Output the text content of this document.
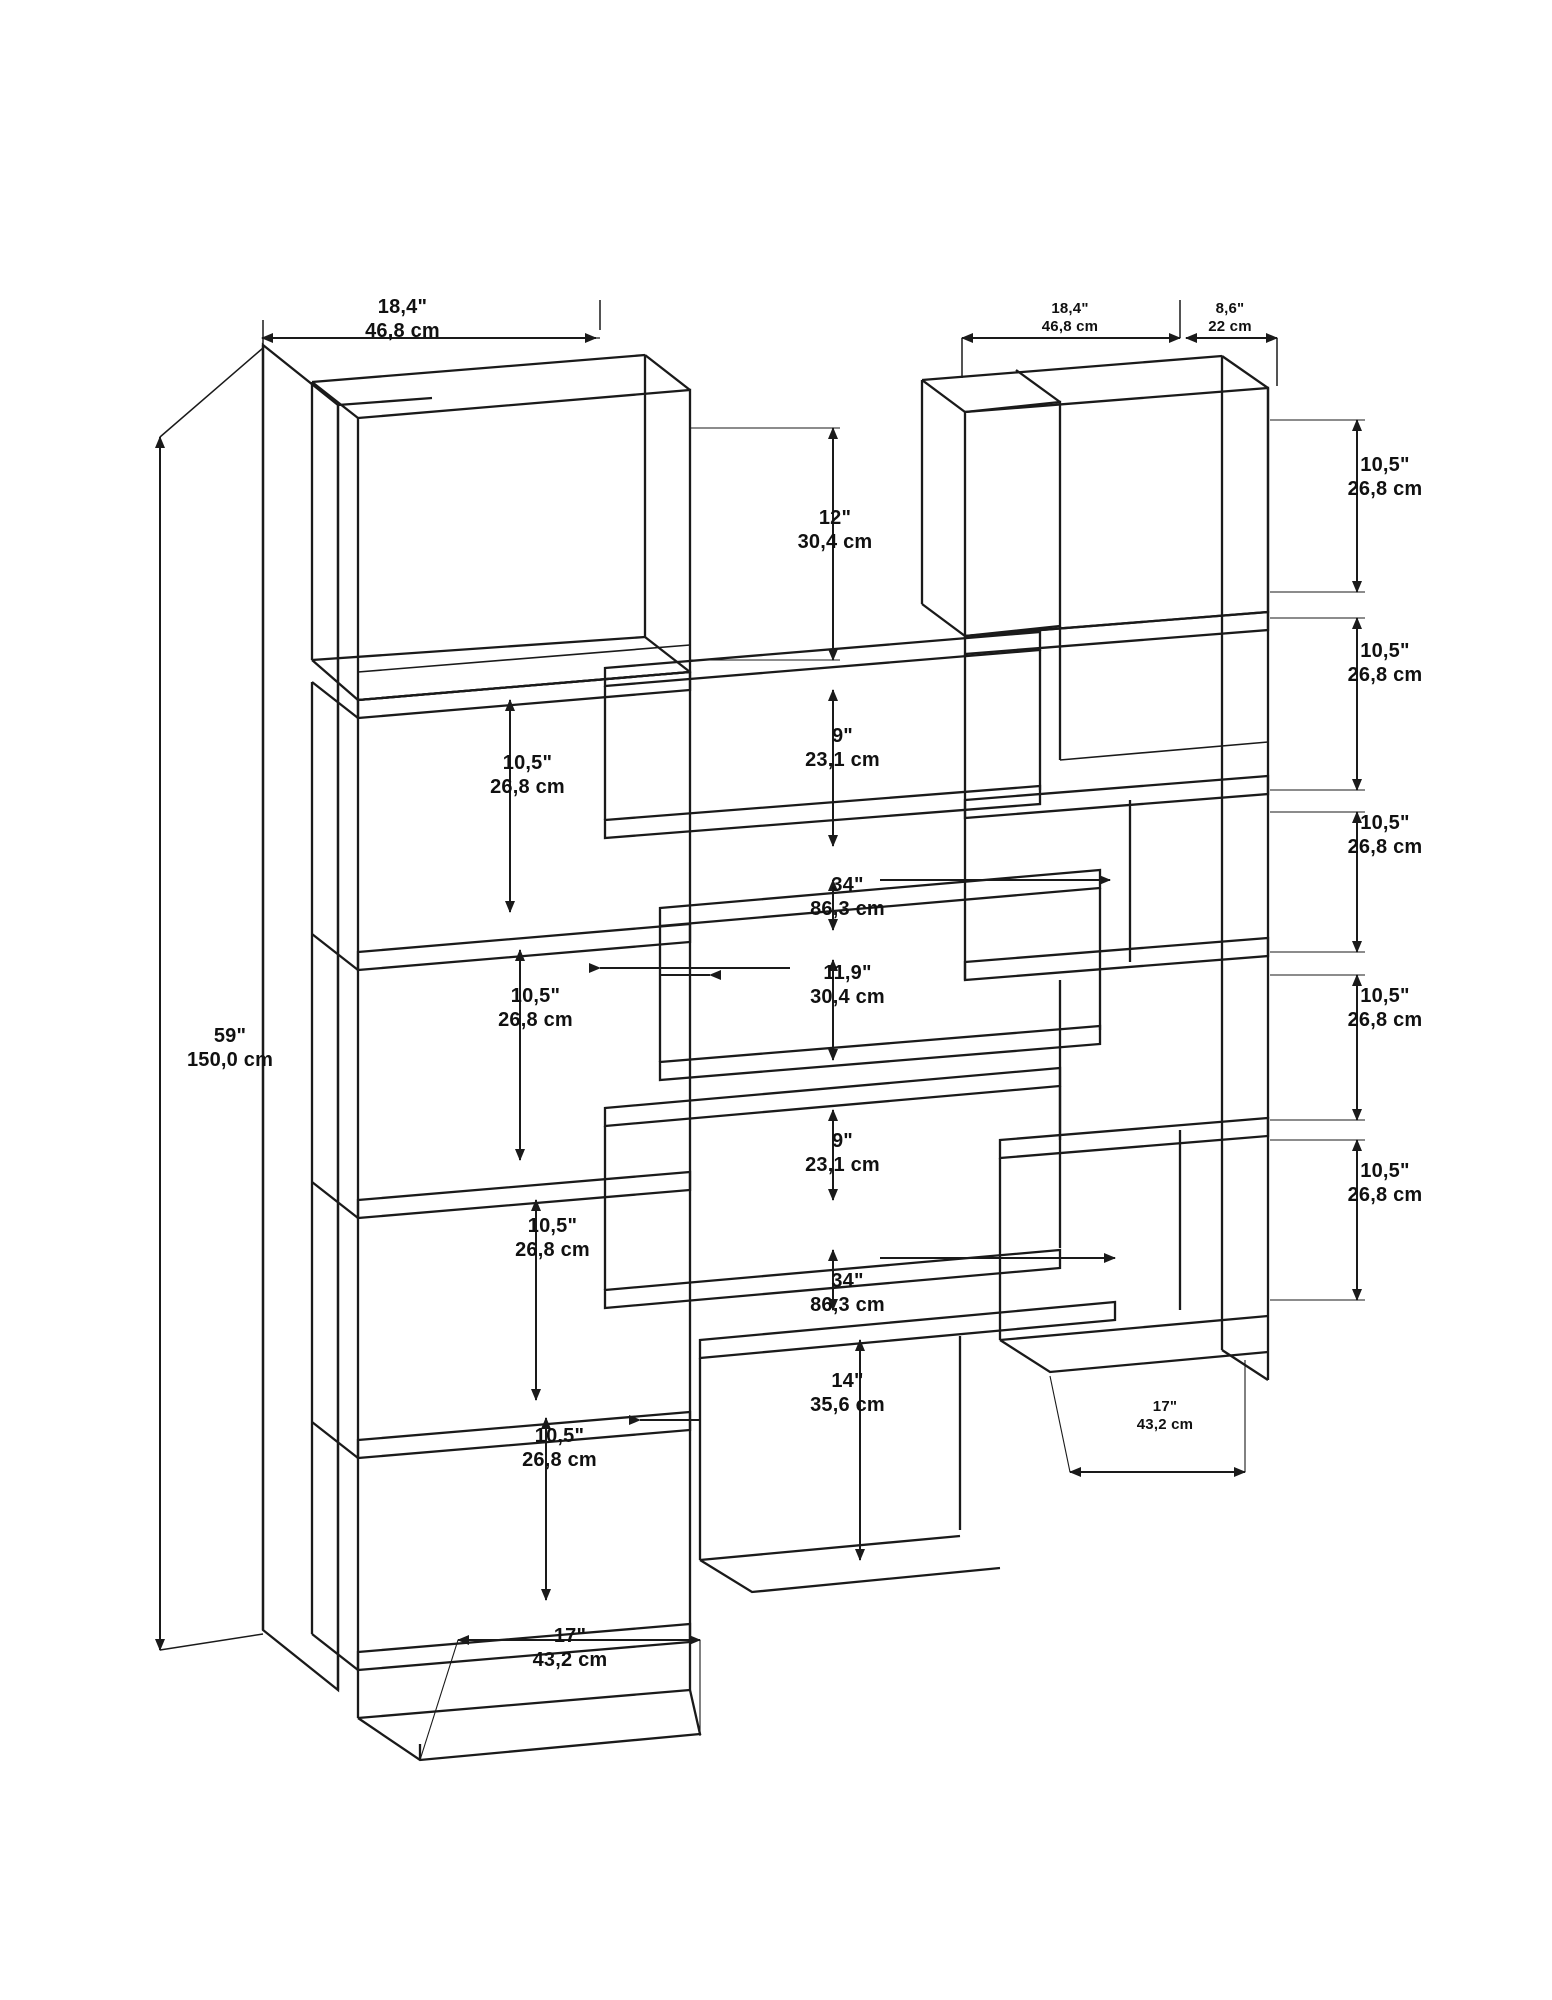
18,4"
46,8 cm
18,4"
46,8 cm
8,6"
22 cm
59"
150,0 cm
12"
30,4 cm
10,5"
26,8 cm
10,5"
26,8 cm
10,5"
26,8 cm
10,5"
26,8 cm
10,5"
26,8 cm
10,5"
26,8 cm
10,5"
26,8 cm
10,5"
26,8 cm
10,5"
26,8 cm
9"
23,1 cm
34"
86,3 cm
11,9"
30,4 cm
9"
23,1 cm
34"
86,3 cm
14"
35,6 cm
17"
43,2 cm
17"
43,2 cm
